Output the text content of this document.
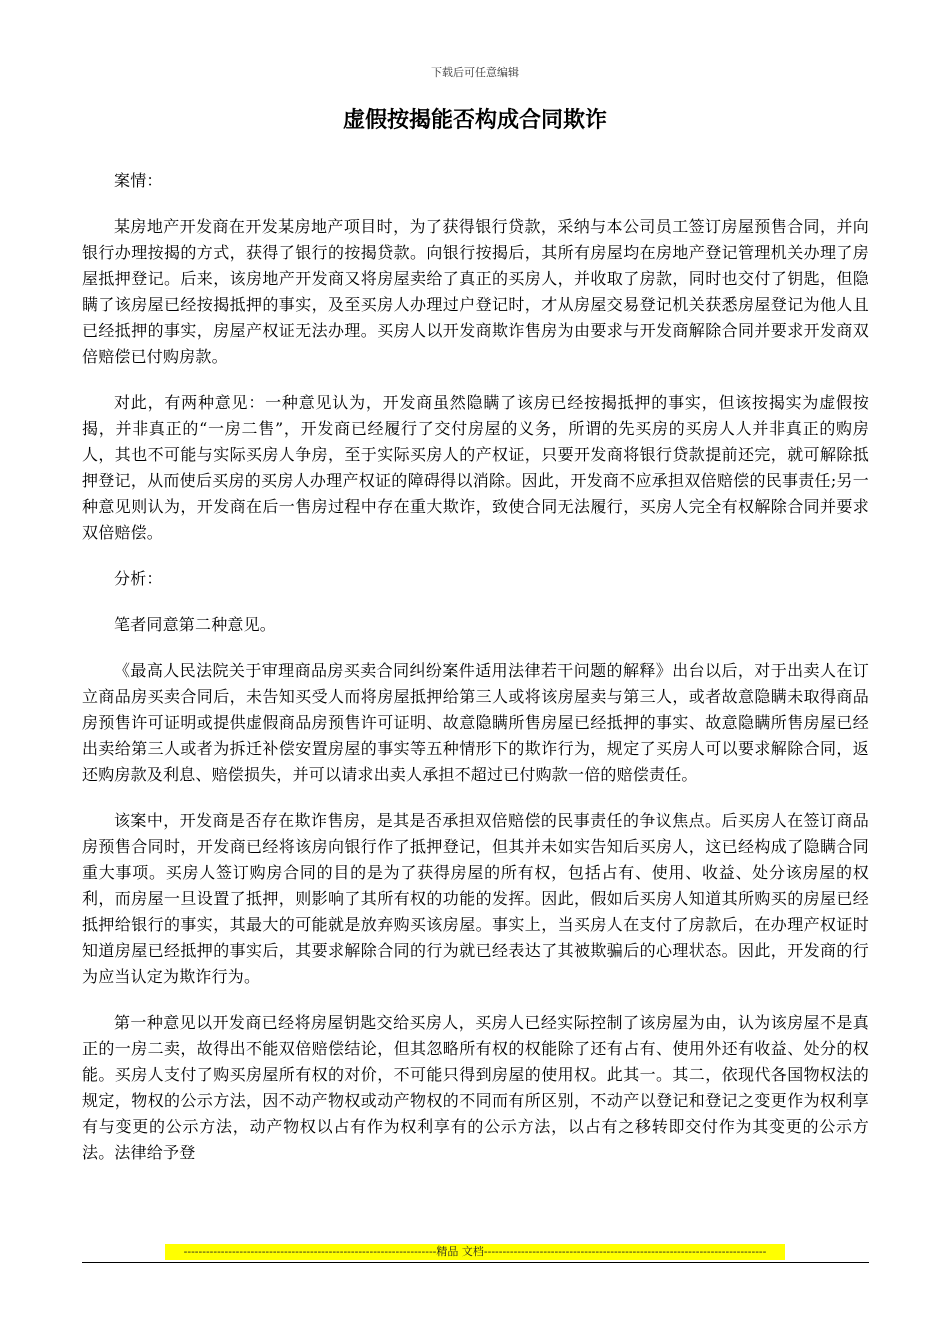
下载后可任意编辑
虚假按揭能否构成合同欺诈

案情：

某房地产开发商在开发某房地产项目时，为了获得银行贷款，采纳与本公司员工签订房屋预售合同，并向银行办理按揭的方式，获得了银行的按揭贷款。向银行按揭后，其所有房屋均在房地产登记管理机关办理了房屋抵押登记。后来，该房地产开发商又将房屋卖给了真正的买房人，并收取了房款，同时也交付了钥匙，但隐瞒了该房屋已经按揭抵押的事实，及至买房人办理过户登记时，才从房屋交易登记机关获悉房屋登记为他人且已经抵押的事实，房屋产权证无法办理。买房人以开发商欺诈售房为由要求与开发商解除合同并要求开发商双倍赔偿已付购房款。

对此，有两种意见：一种意见认为，开发商虽然隐瞒了该房已经按揭抵押的事实，但该按揭实为虚假按揭，并非真正的“一房二售”，开发商已经履行了交付房屋的义务，所谓的先买房的买房人人并非真正的购房人，其也不可能与实际买房人争房，至于实际买房人的产权证，只要开发商将银行贷款提前还完，就可解除抵押登记，从而使后买房的买房人办理产权证的障碍得以消除。因此，开发商不应承担双倍赔偿的民事责任;另一种意见则认为，开发商在后一售房过程中存在重大欺诈，致使合同无法履行，买房人完全有权解除合同并要求双倍赔偿。

分析：

笔者同意第二种意见。

《最高人民法院关于审理商品房买卖合同纠纷案件适用法律若干问题的解释》出台以后，对于出卖人在订立商品房买卖合同后，未告知买受人而将房屋抵押给第三人或将该房屋卖与第三人，或者故意隐瞒未取得商品房预售许可证明或提供虚假商品房预售许可证明、故意隐瞒所售房屋已经抵押的事实、故意隐瞒所售房屋已经出卖给第三人或者为拆迁补偿安置房屋的事实等五种情形下的欺诈行为，规定了买房人可以要求解除合同，返还购房款及利息、赔偿损失，并可以请求出卖人承担不超过已付购款一倍的赔偿责任。

该案中，开发商是否存在欺诈售房，是其是否承担双倍赔偿的民事责任的争议焦点。后买房人在签订商品房预售合同时，开发商已经将该房向银行作了抵押登记，但其并未如实告知后买房人，这已经构成了隐瞒合同重大事项。买房人签订购房合同的目的是为了获得房屋的所有权，包括占有、使用、收益、处分该房屋的权利，而房屋一旦设置了抵押，则影响了其所有权的功能的发挥。因此，假如后买房人知道其所购买的房屋已经抵押给银行的事实，其最大的可能就是放弃购买该房屋。事实上，当买房人在支付了房款后，在办理产权证时知道房屋已经抵押的事实后，其要求解除合同的行为就已经表达了其被欺骗后的心理状态。因此，开发商的行为应当认定为欺诈行为。

第一种意见以开发商已经将房屋钥匙交给买房人，买房人已经实际控制了该房屋为由，认为该房屋不是真正的一房二卖，故得出不能双倍赔偿结论，但其忽略所有权的权能除了还有占有、使用外还有收益、处分的权能。买房人支付了购买房屋所有权的对价，不可能只得到房屋的使用权。此其一。其二，依现代各国物权法的规定，物权的公示方法，因不动产物权或动产物权的不同而有所区别，不动产以登记和登记之变更作为权利享有与变更的公示方法，动产物权以占有作为权利享有的公示方法，以占有之移转即交付作为其变更的公示方法。法律给予登

--------------------------------------------------------------------精品 文档----------------------------------------------------------------------------
